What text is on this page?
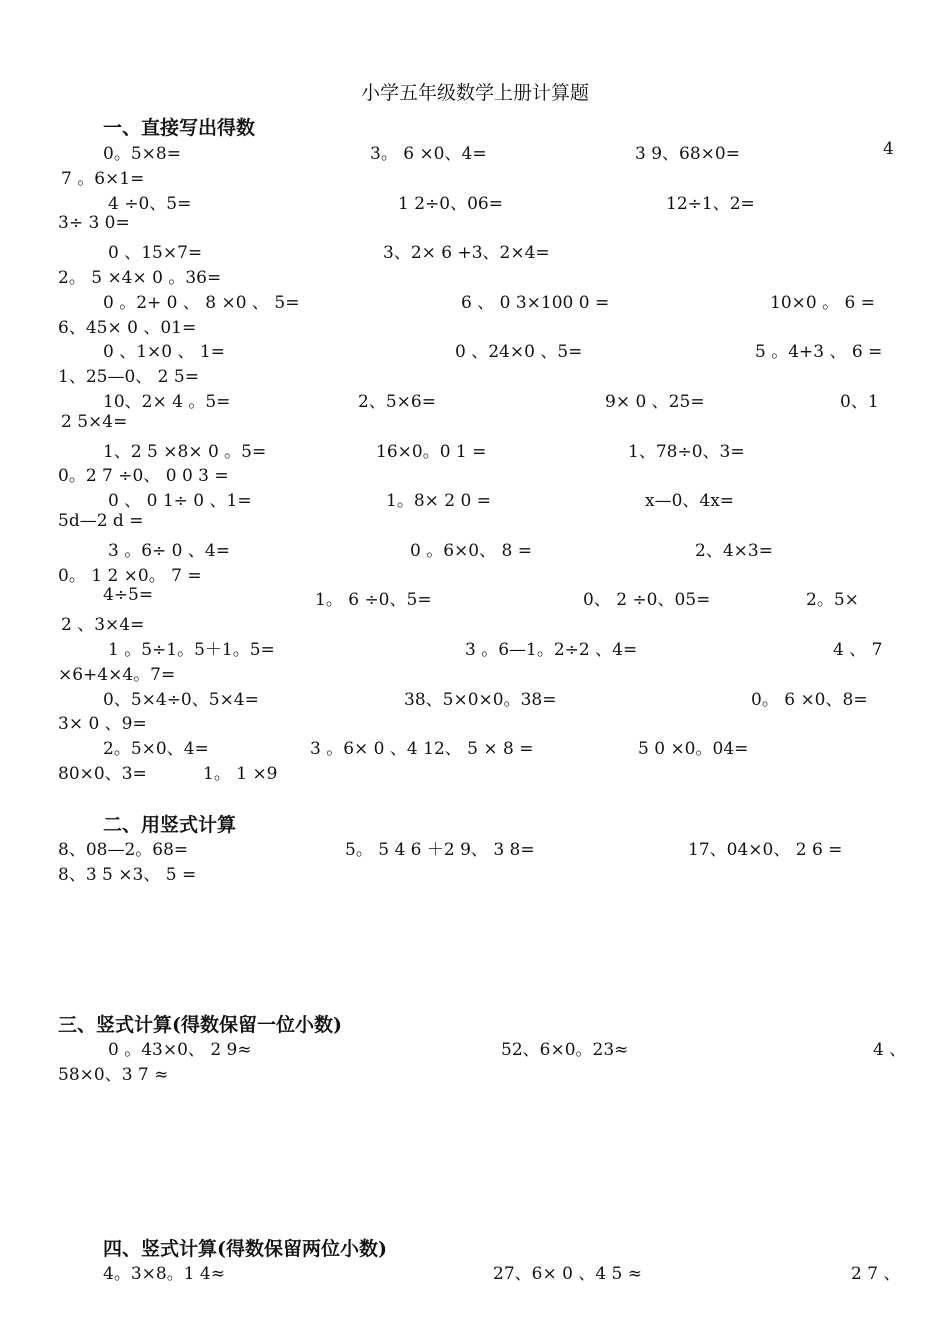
小学五年级数学上册计算题
一、直接写出得数
二、用竖式计算
三、竖式计算(得数保留一位小数)
四、竖式计算(得数保留两位小数)
0。5×8=	3。 6 ×0、4=	3 9、68×0=	4
7 。6×1=
4 ÷0、5=	1 2÷0、06=	12÷1、2=
3÷ 3 0=
0 、15×7=	3、2× 6 +3、2×4=
2。 5 ×4× 0 。36=
0 。2+ 0 、 8 ×0 、 5=	6 、 0 3×100 0 =	10×0 。 6 =
6、45× 0 、01=
0 、1×0 、 1=	0 、24×0 、5=	5 。4+3 、 6 =
1、25—0、 2 5=
10、2× 4 。5=	2、5×6=	9× 0 、25=	0、1
2 5×4=
1、2 5 ×8× 0 。5=	16×0。0 1 =	1、78÷0、3=
0。2 7 ÷0、 0 0 3 =
0 、 0 1÷ 0 、1=	1。8× 2 0 =	x—0、4x=
5d—2 d =
3 。6÷ 0 、4=	0 。6×0、 8 =	2、4×3=
0。 1 2 ×0。 7 =
4÷5=	1。 6 ÷0、5=	0、 2 ÷0、05=	2。5×
2 、3×4=
1 。5÷1。5＋1。5=	3 。6—1。2÷2 、4=	4 、 7
×6+4×4。7=
0、5×4÷0、5×4=	38、5×0×0。38=	0。 6 ×0、8=
3× 0 、9=
2。5×0、4=	3 。6× 0 、4 12、 5 × 8 =	5 0 ×0。04=
80×0、3=	1。 1 ×9
8、08—2。68=	5。 5 4 6 ＋2 9、 3 8=	17、04×0、 2 6 =
8、3 5 ×3、 5 =
0 。43×0、 2 9≈	52、6×0。23≈	4 、
58×0、3 7 ≈
4。3×8。1 4≈	27、6× 0 、4 5 ≈	2 7 、
